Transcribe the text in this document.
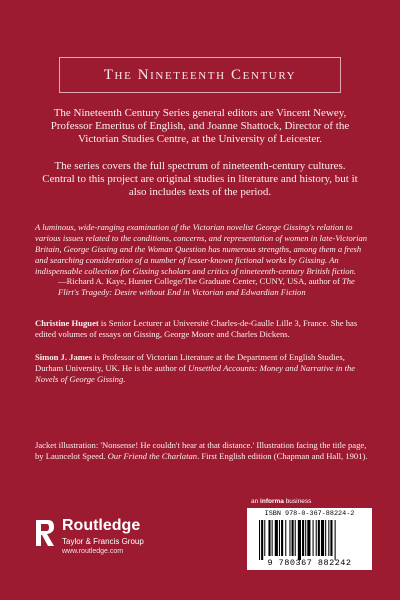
The Nineteenth Century
The Nineteenth Century Series general editors are Vincent Newey, Professor Emeritus of English, and Joanne Shattock, Director of the Victorian Studies Centre, at the University of Leicester.
The series covers the full spectrum of nineteenth-century cultures. Central to this project are original studies in literature and history, but it also includes texts of the period.
A luminous, wide-ranging examination of the Victorian novelist George Gissing's relation to various issues related to the conditions, concerns, and representation of women in late-Victorian Britain, George Gissing and the Woman Question has numerous strengths, among them a fresh and searching consideration of a number of lesser-known fictional works by Gissing. An indispensable collection for Gissing scholars and critics of nineteenth-century British fiction.
—Richard A. Kaye, Hunter College/The Graduate Center, CUNY, USA, author of The Flirt's Tragedy: Desire without End in Victorian and Edwardian Fiction
Christine Huguet is Senior Lecturer at Université Charles-de-Gaulle Lille 3, France. She has edited volumes of essays on Gissing, George Moore and Charles Dickens.
Simon J. James is Professor of Victorian Literature at the Department of English Studies, Durham University, UK. He is the author of Unsettled Accounts: Money and Narrative in the Novels of George Gissing.
Jacket illustration: 'Nonsense! He couldn't hear at that distance.' Illustration facing the title page, by Launcelot Speed. Our Friend the Charlatan. First English edition (Chapman and Hall, 1901).
Routledge
Taylor & Francis Group
www.routledge.com
an informa business
ISBN 978-0-367-88224-2
9 780367 882242
